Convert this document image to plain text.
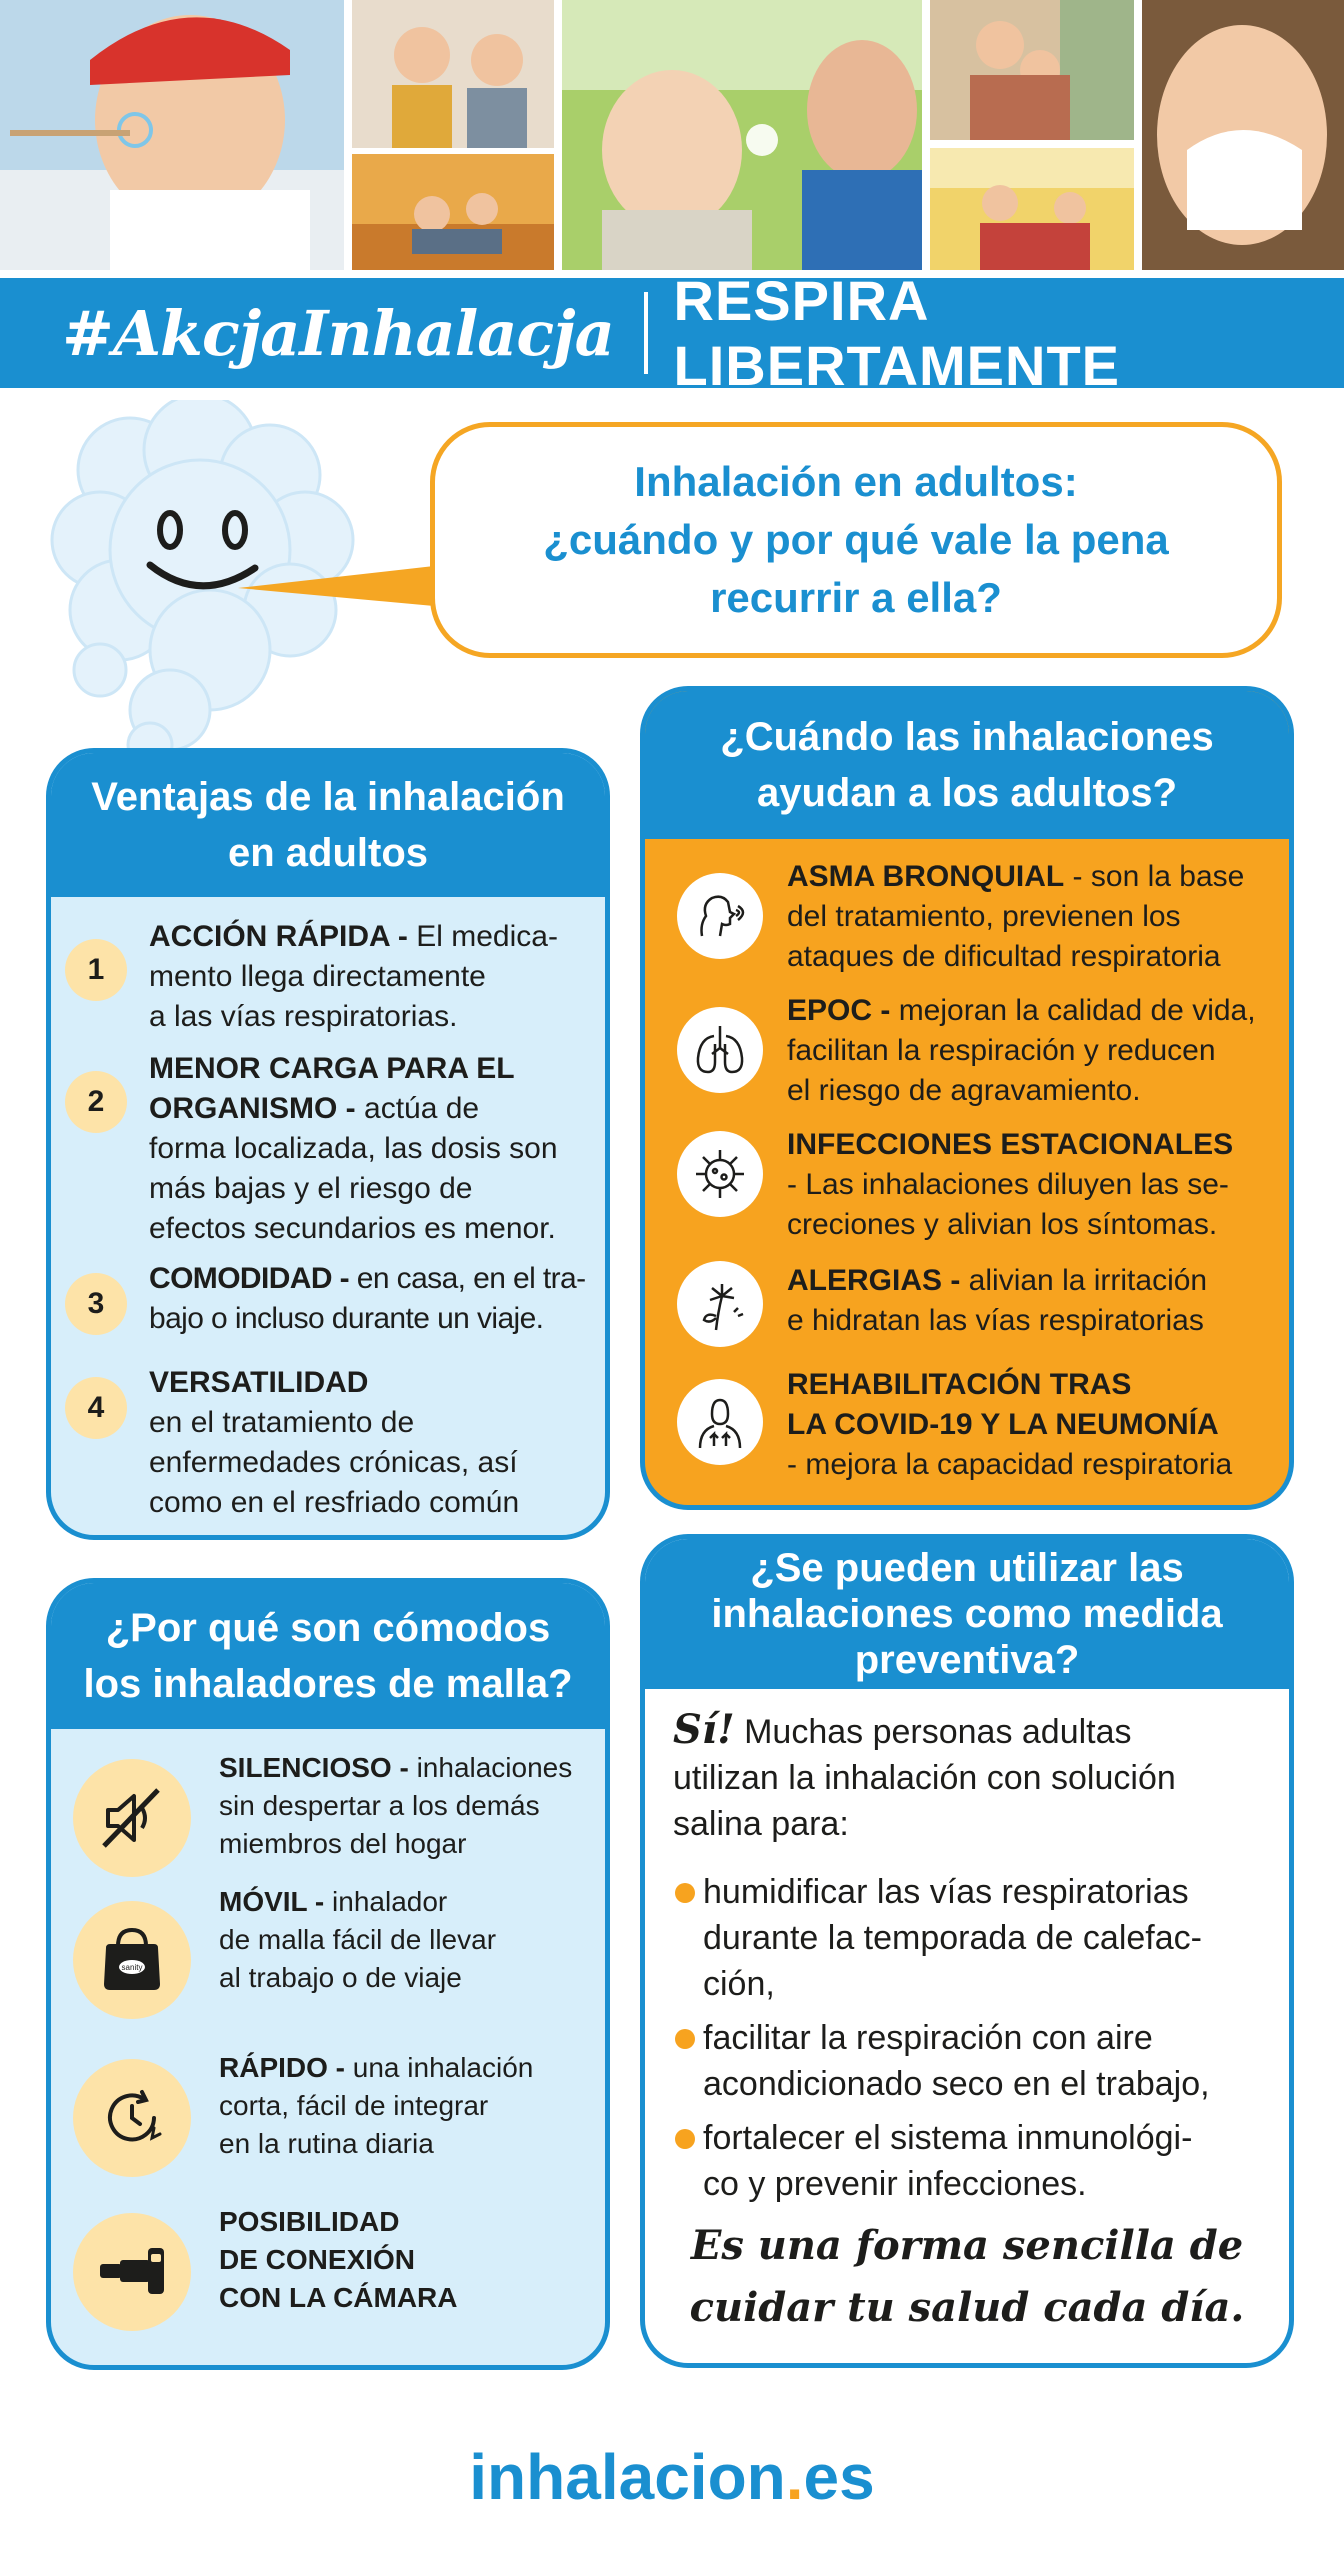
#AkcjaInhalacja RESPIRA LIBERTAMENTE
Inhalación en adultos:
¿cuándo y por qué vale la pena
recurrir a ella?
Ventajas de la inhalación
en adultos
1
ACCIÓN RÁPIDA - El medica-
mento llega directamente
a las vías respiratorias.
2
MENOR CARGA PARA EL
ORGANISMO - actúa de
forma localizada, las dosis son
más bajas y el riesgo de
efectos secundarios es menor.
3
COMODIDAD - en casa, en el tra-
bajo o incluso durante un viaje.
4
VERSATILIDAD
en el tratamiento de
enfermedades crónicas, así
como en el resfriado común
¿Cuándo las inhalaciones
ayudan a los adultos?
ASMA BRONQUIAL - son la base
del tratamiento, previenen los
ataques de dificultad respiratoria
EPOC - mejoran la calidad de vida,
facilitan la respiración y reducen
el riesgo de agravamiento.
INFECCIONES ESTACIONALES
- Las inhalaciones diluyen las se-
creciones y alivian los síntomas.
ALERGIAS - alivian la irritación
e hidratan las vías respiratorias
REHABILITACIÓN TRAS
LA COVID-19 Y LA NEUMONÍA
- mejora la capacidad respiratoria
¿Por qué son cómodos
los inhaladores de malla?
SILENCIOSO - inhalaciones
sin despertar a los demás
miembros del hogar
sanity
MÓVIL - inhalador
de malla fácil de llevar
al trabajo o de viaje
RÁPIDO - una inhalación
corta, fácil de integrar
en la rutina diaria
POSIBILIDAD
DE CONEXIÓN
CON LA CÁMARA
¿Se pueden utilizar las
inhalaciones como medida
preventiva?
Sí! Muchas personas adultas
utilizan la inhalación con solución
salina para:
humidificar las vías respiratorias
durante la temporada de calefac-
ción,
facilitar la respiración con aire
acondicionado seco en el trabajo,
fortalecer el sistema inmunológi-
co y prevenir infecciones.
Es una forma sencilla de
cuidar tu salud cada día.
inhalacion.es
